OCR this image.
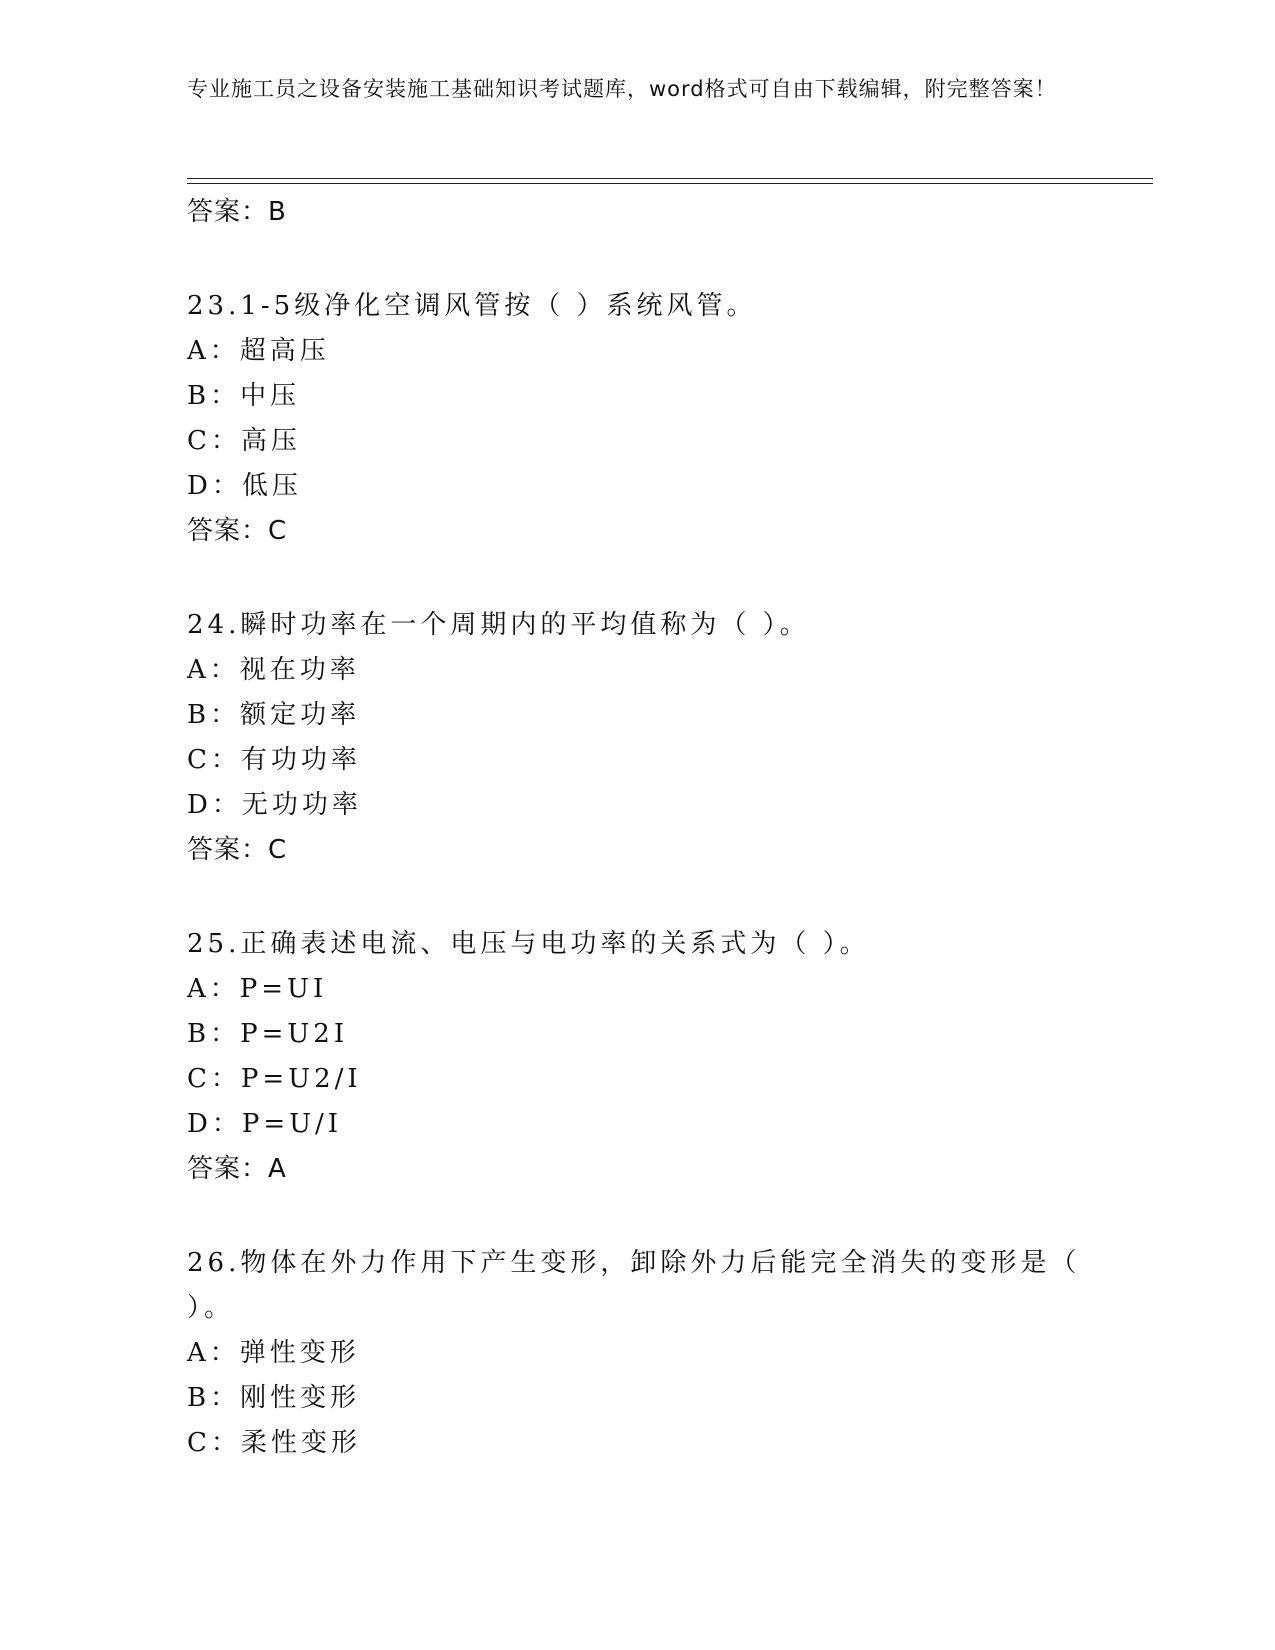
专业施工员之设备安装施工基础知识考试题库，word格式可自由下载编辑，附完整答案！
答案：B
23.1-5级净化空调风管按（ ）系统风管。
A：超高压
B：中压
C：高压
D：低压
答案：C
24.瞬时功率在一个周期内的平均值称为（ ）。
A：视在功率
B：额定功率
C：有功功率
D：无功功率
答案：C
25.正确表述电流、电压与电功率的关系式为（ ）。
A：P=UI
B：P=U2I
C：P=U2/I
D：P=U/I
答案：A
26.物体在外力作用下产生变形，卸除外力后能完全消失的变形是（ ）。
A：弹性变形
B：刚性变形
C：柔性变形
